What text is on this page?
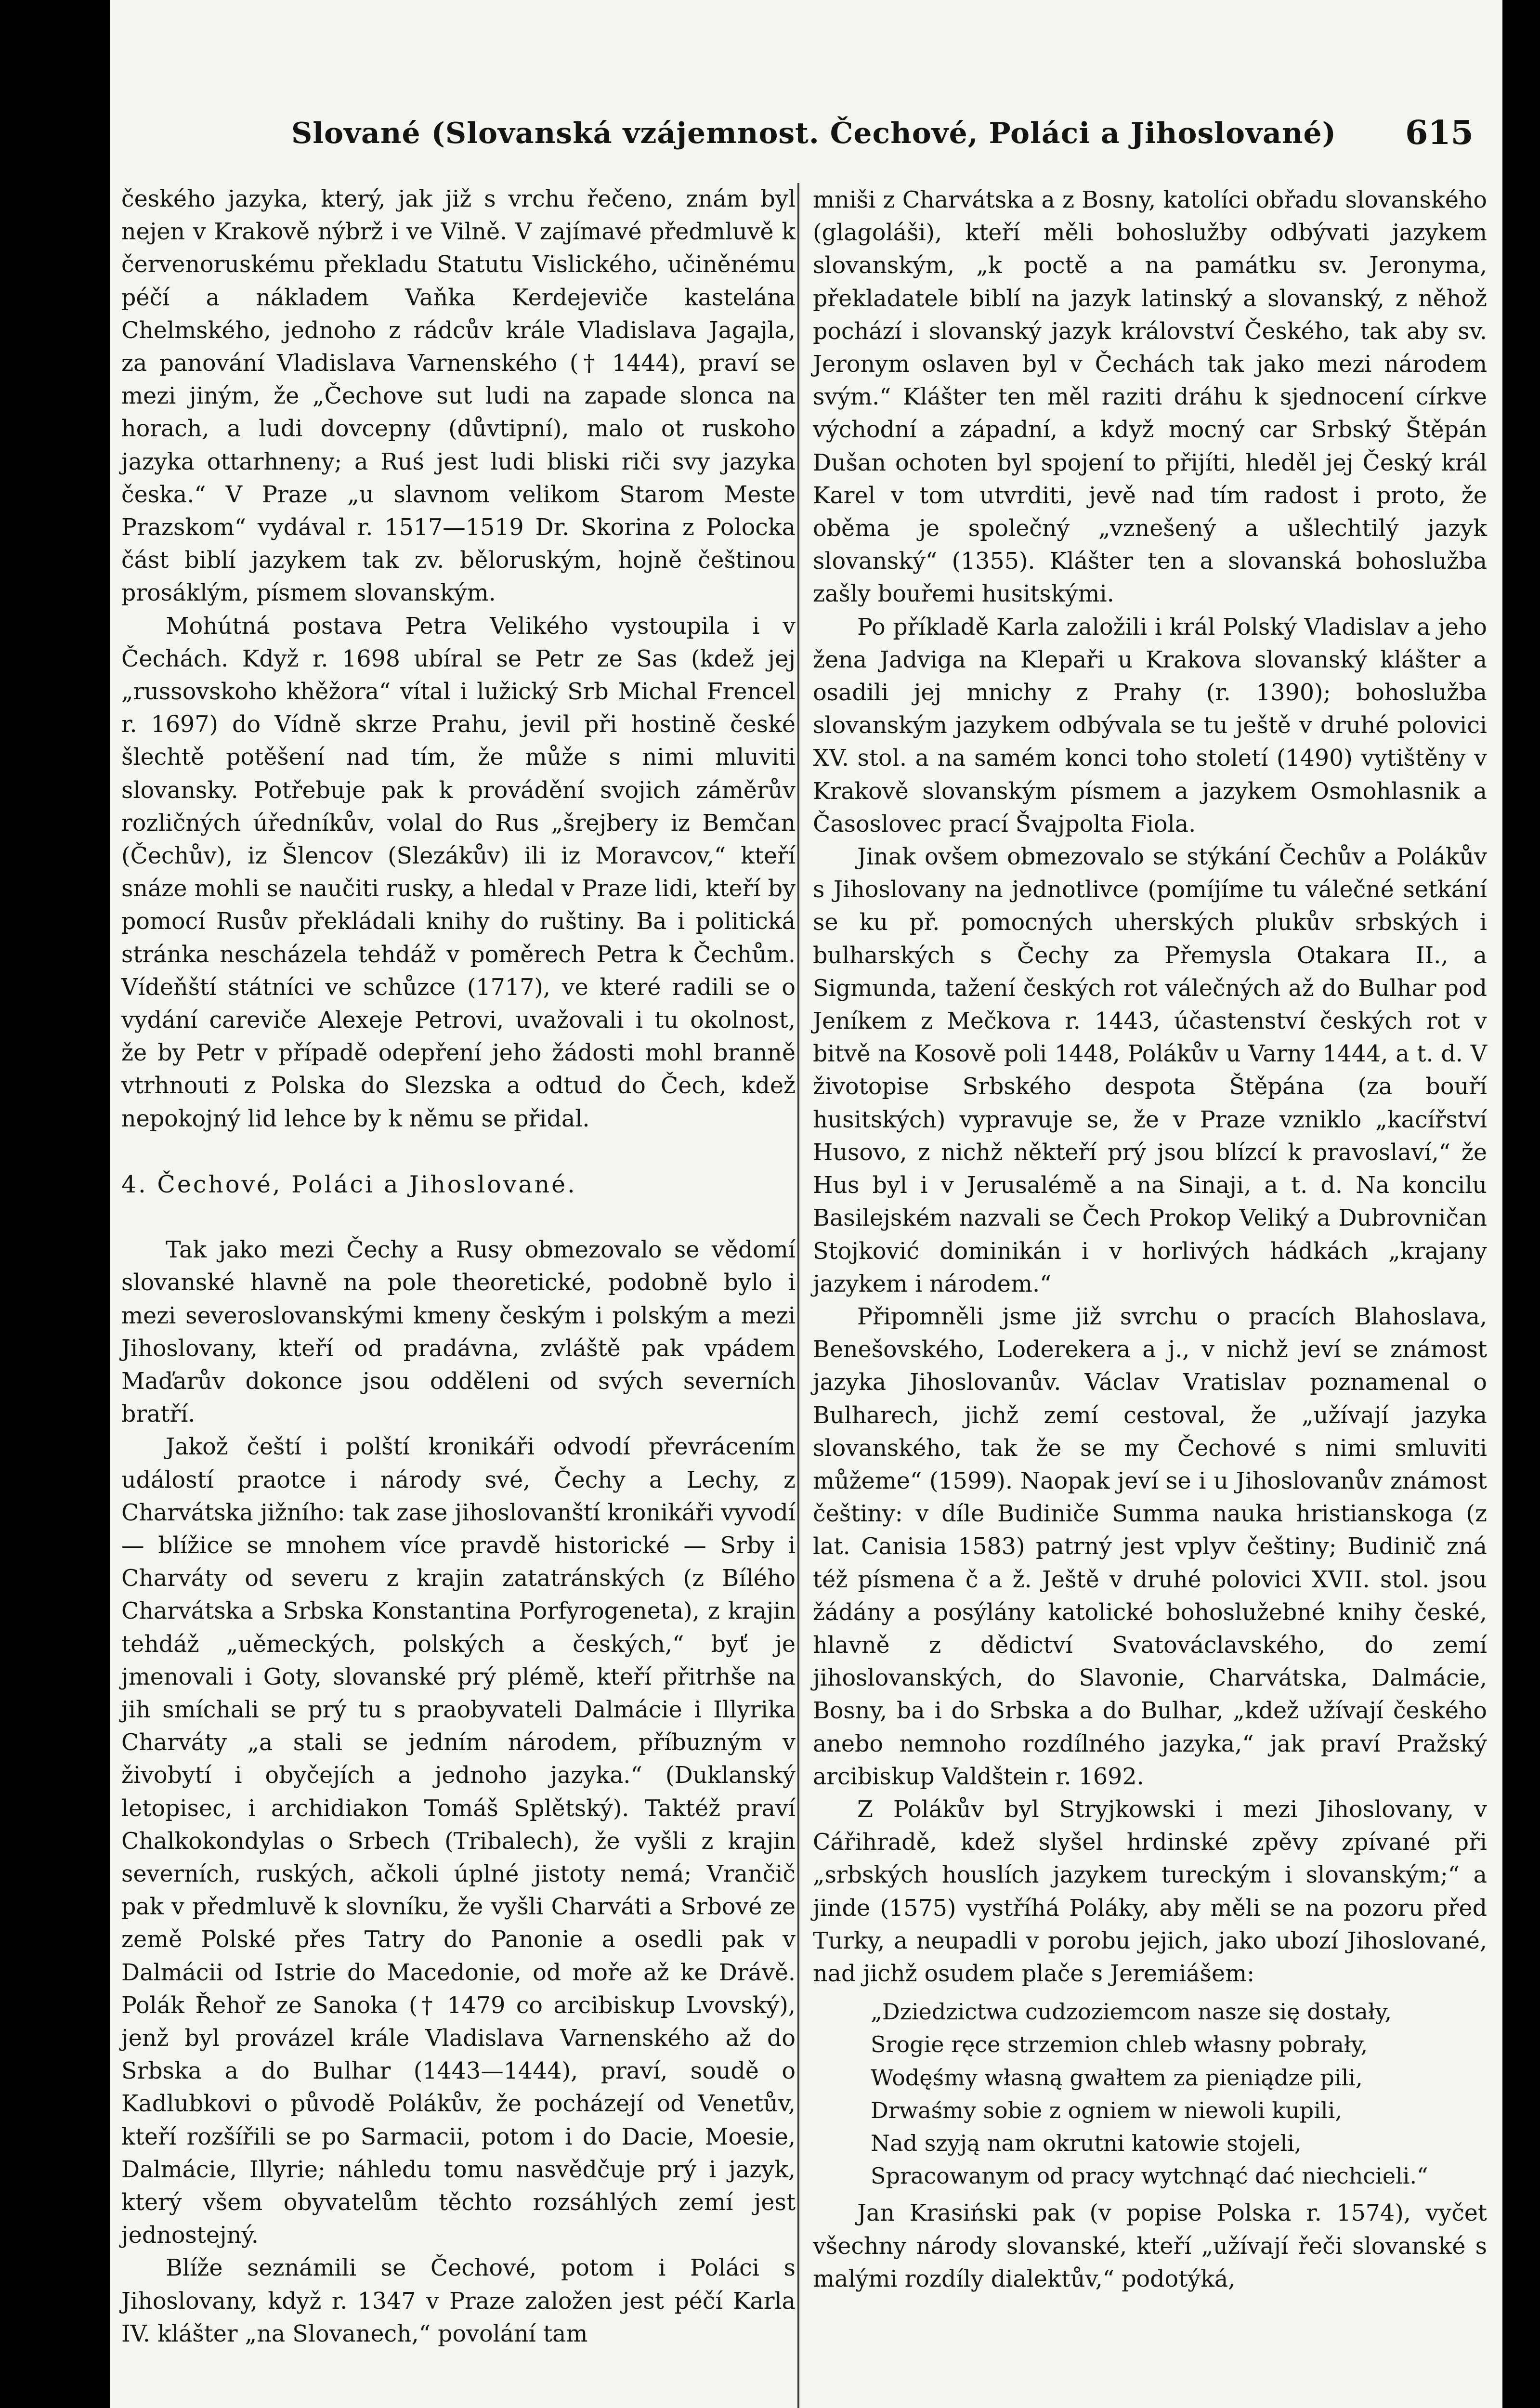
Slované (Slovanská vzájemnost. Čechové, Poláci a Jihoslované)	615

českého jazyka, který, jak již s vrchu řečeno, znám byl nejen v Krakově nýbrž i ve Vilně. V zajímavé předmluvě k červenoruskému překladu Statutu Vislického, učiněnému péčí a nákladem Vaňka Kerdejeviče kastelána Chelmského, jednoho z rádcův krále Vladislava Jagajla, za panování Vladislava Varnenského († 1444), praví se mezi jiným, že „Čechove sut ludi na zapade slonca na horach, a ludi dovcepny (důvtipní), malo ot ruskoho jazyka ottarhneny; a Ruś jest ludi bliski riči svy jazyka česka.“ V Praze „u slavnom velikom Starom Meste Prazskom“ vydával r. 1517—1519 Dr. Skorina z Polocka část biblí jazykem tak zv. běloruským, hojně češtinou prosáklým, písmem slovanským.

Mohútná postava Petra Velikého vystoupila i v Čechách. Když r. 1698 ubíral se Petr ze Sas (kdež jej „russovskoho khěžora“ vítal i lužický Srb Michal Frencel r. 1697) do Vídně skrze Prahu, jevil při hostině české šlechtě potěšení nad tím, že může s nimi mluviti slovansky. Potřebuje pak k provádění svojich záměrův rozličných úředníkův, volal do Rus „šrejbery iz Bemčan (Čechův), iz Šlencov (Slezákův) ili iz Moravcov,“ kteří snáze mohli se naučiti rusky, a hledal v Praze lidi, kteří by pomocí Rusův překládali knihy do ruštiny. Ba i politická stránka nescházela tehdáž v poměrech Petra k Čechům. Vídeňští státníci ve schůzce (1717), ve které radili se o vydání careviče Alexeje Petrovi, uvažovali i tu okolnost, že by Petr v případě odepření jeho žádosti mohl branně vtrhnouti z Polska do Slezska a odtud do Čech, kdež nepokojný lid lehce by k němu se přidal.

4. Čechové, Poláci a Jihoslované.

Tak jako mezi Čechy a Rusy obmezovalo se vědomí slovanské hlavně na pole theoretické, podobně bylo i mezi severoslovanskými kmeny českým i polským a mezi Jihoslovany, kteří od pradávna, zvláště pak vpádem Maďarův dokonce jsou odděleni od svých severních bratří.

Jakož čeští i polští kronikáři odvodí převrácením událostí praotce i národy své, Čechy a Lechy, z Charvátska jižního: tak zase jihoslovanští kronikáři vyvodí — blížice se mnohem více pravdě historické — Srby i Charváty od severu z krajin zatatránských (z Bílého Charvátska a Srbska Konstantina Porfyrogeneta), z krajin tehdáž „uěmeckých, polských a českých,“ byť je jmenovali i Goty, slovanské prý plémě, kteří přitrhše na jih smíchali se prý tu s praobyvateli Dalmácie i Illyrika Charváty „a stali se jedním národem, příbuzným v živobytí i obyčejích a jednoho jazyka.“ (Duklanský letopisec, i archidiakon Tomáš Splětský). Taktéž praví Chalkokondylas o Srbech (Tribalech), že vyšli z krajin severních, ruských, ačkoli úplné jistoty nemá; Vrančič pak v předmluvě k slovníku, že vyšli Charváti a Srbové ze země Polské přes Tatry do Panonie a osedli pak v Dalmácii od Istrie do Macedonie, od moře až ke Drávě. Polák Řehoř ze Sanoka († 1479 co arcibiskup Lvovský), jenž byl provázel krále Vladislava Varnenského až do Srbska a do Bulhar (1443—1444), praví, soudě o Kadlubkovi o původě Polákův, že pocházejí od Venetův, kteří rozšířili se po Sarmacii, potom i do Dacie, Moesie, Dalmácie, Illyrie; náhledu tomu nasvědčuje prý i jazyk, který všem obyvatelům těchto rozsáhlých zemí jest jednostejný.

Blíže seznámili se Čechové, potom i Poláci s Jihoslovany, když r. 1347 v Praze založen jest péčí Karla IV. klášter „na Slovanech,“ povolání tam

mniši z Charvátska a z Bosny, katolíci obřadu slovanského (glagoláši), kteří měli bohoslužby odbývati jazykem slovanským, „k poctě a na památku sv. Jeronyma, překladatele biblí na jazyk latinský a slovanský, z něhož pochází i slovanský jazyk království Českého, tak aby sv. Jeronym oslaven byl v Čechách tak jako mezi národem svým.“ Klášter ten měl raziti dráhu k sjednocení církve východní a západní, a když mocný car Srbský Štěpán Dušan ochoten byl spojení to přijíti, hleděl jej Český král Karel v tom utvrditi, jevě nad tím radost i proto, že oběma je společný „vznešený a ušlechtilý jazyk slovanský“ (1355). Klášter ten a slovanská bohoslužba zašly bouřemi husitskými.

Po příkladě Karla založili i král Polský Vladislav a jeho žena Jadviga na Klepaři u Krakova slovanský klášter a osadili jej mnichy z Prahy (r. 1390); bohoslužba slovanským jazykem odbývala se tu ještě v druhé polovici XV. stol. a na samém konci toho století (1490) vytištěny v Krakově slovanským písmem a jazykem Osmohlasnik a Časoslovec prací Švajpolta Fiola.

Jinak ovšem obmezovalo se stýkání Čechův a Polákův s Jihoslovany na jednotlivce (pomíjíme tu válečné setkání se ku př. pomocných uherských plukův srbských i bulharských s Čechy za Přemysla Otakara II., a Sigmunda, tažení českých rot válečných až do Bulhar pod Jeníkem z Mečkova r. 1443, účastenství českých rot v bitvě na Kosově poli 1448, Polákův u Varny 1444, a t. d. V životopise Srbského despota Štěpána (za bouří husitských) vypravuje se, že v Praze vzniklo „kacířství Husovo, z nichž někteří prý jsou blízcí k pravoslaví,“ že Hus byl i v Jerusalémě a na Sinaji, a t. d. Na koncilu Basilejském nazvali se Čech Prokop Veliký a Dubrovničan Stojković dominikán i v horlivých hádkách „krajany jazykem i národem.“

Připomněli jsme již svrchu o pracích Blahoslava, Benešovského, Loderekera a j., v nichž jeví se známost jazyka Jihoslovanův. Václav Vratislav poznamenal o Bulharech, jichž zemí cestoval, že „užívají jazyka slovanského, tak že se my Čechové s nimi smluviti můžeme“ (1599). Naopak jeví se i u Jihoslovanův známost češtiny: v díle Budiniče Summa nauka hristianskoga (z lat. Canisia 1583) patrný jest vplyv češtiny; Budinič zná též písmena č a ž. Ještě v druhé polovici XVII. stol. jsou žádány a posýlány katolické bohoslužebné knihy české, hlavně z dědictví Svatováclavského, do zemí jihoslovanských, do Slavonie, Charvátska, Dalmácie, Bosny, ba i do Srbska a do Bulhar, „kdež užívají českého anebo nemnoho rozdílného jazyka,“ jak praví Pražský arcibiskup Valdštein r. 1692.

Z Polákův byl Stryjkowski i mezi Jihoslovany, v Cářihradě, kdež slyšel hrdinské zpěvy zpívané při „srbských houslích jazykem tureckým i slovanským;“ a jinde (1575) vystříhá Poláky, aby měli se na pozoru před Turky, a neupadli v porobu jejich, jako ubozí Jihoslované, nad jichž osudem plače s Jeremiášem:

„Dziedzictwa cudzoziemcom nasze się dostały,
Srogie ręce strzemion chleb własny pobrały,
Wodęśmy własną gwałtem za pieniądze pili,
Drwaśmy sobie z ogniem w niewoli kupili,
Nad szyją nam okrutni katowie stojeli,
Spracowanym od pracy wytchnąć dać niechcieli.“

Jan Krasiński pak (v popise Polska r. 1574), vyčet všechny národy slovanské, kteří „užívají řeči slovanské s malými rozdíly dialektův,“ podotýká,
